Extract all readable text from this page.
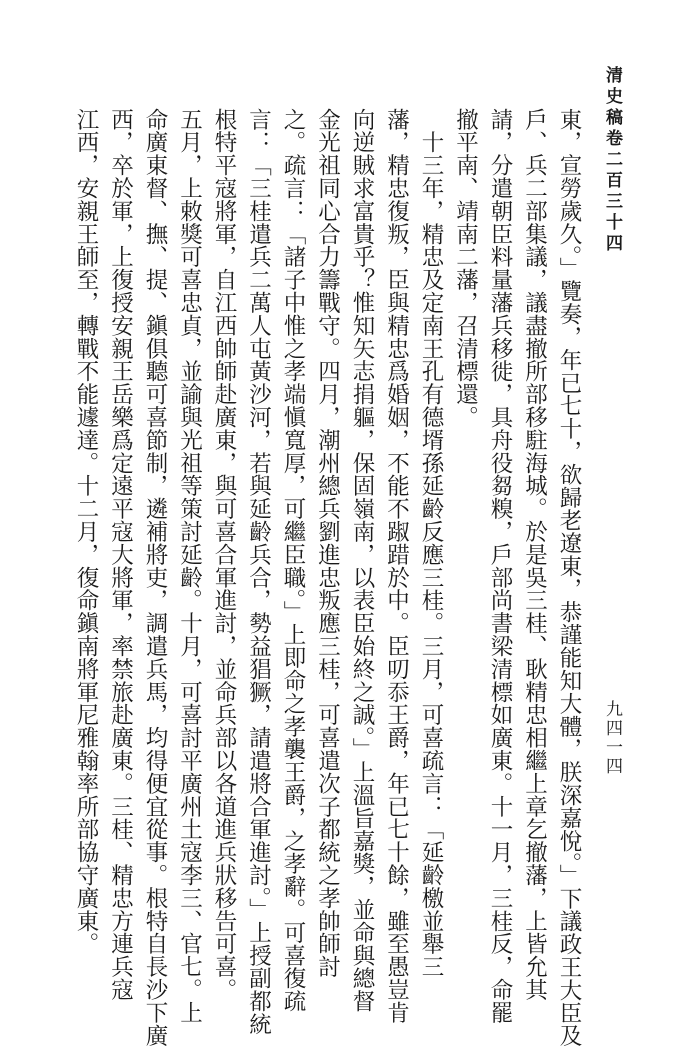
清史稿卷二百三十四
九四一四

東，宣勞歲久。」覽奏，年已七十，欲歸老遼東，恭謹能知大體，朕深嘉悅。」下議政王大臣及

戶、兵二部集議，議盡撤所部移駐海城。於是吳三桂、耿精忠相繼上章乞撤藩，上皆允其

請，分遣朝臣料量藩兵移徙，具舟役芻糗，戶部尚書梁清標如廣東。十一月，三桂反，命罷

撤平南、靖南二藩，召清標還。

　十三年，精忠及定南王孔有德壻孫延齡反應三桂。三月，可喜疏言：「延齡檄並舉三

藩，精忠復叛，臣與精忠爲婚姻，不能不踧踖於中。臣叨忝王爵，年已七十餘，雖至愚豈肯

向逆賊求富貴乎？惟知矢志捐軀，保固嶺南，以表臣始終之誠。」上溫旨嘉獎，並命與總督

金光祖同心合力籌戰守。四月，潮州總兵劉進忠叛應三桂，可喜遣次子都統之孝帥師討

之。疏言：「諸子中惟之孝端愼寬厚，可繼臣職。」上即命之孝襲王爵，之孝辭。可喜復疏

言：「三桂遣兵二萬人屯黃沙河，若與延齡兵合，勢益猖獗，請遣將合軍進討。」上授副都統

根特平寇將軍，自江西帥師赴廣東，與可喜合軍進討，並命兵部以各道進兵狀移告可喜。

五月，上敕獎可喜忠貞，並諭與光祖等策討延齡。十月，可喜討平廣州土寇李三、官七。上

命廣東督、撫、提、鎭俱聽可喜節制，遴補將吏，調遣兵馬，均得便宜從事。根特自長沙下廣

西，卒於軍，上復授安親王岳樂爲定遠平寇大將軍，率禁旅赴廣東。三桂、精忠方連兵寇

江西，安親王師至，轉戰不能遽達。十二月，復命鎭南將軍尼雅翰率所部協守廣東。
